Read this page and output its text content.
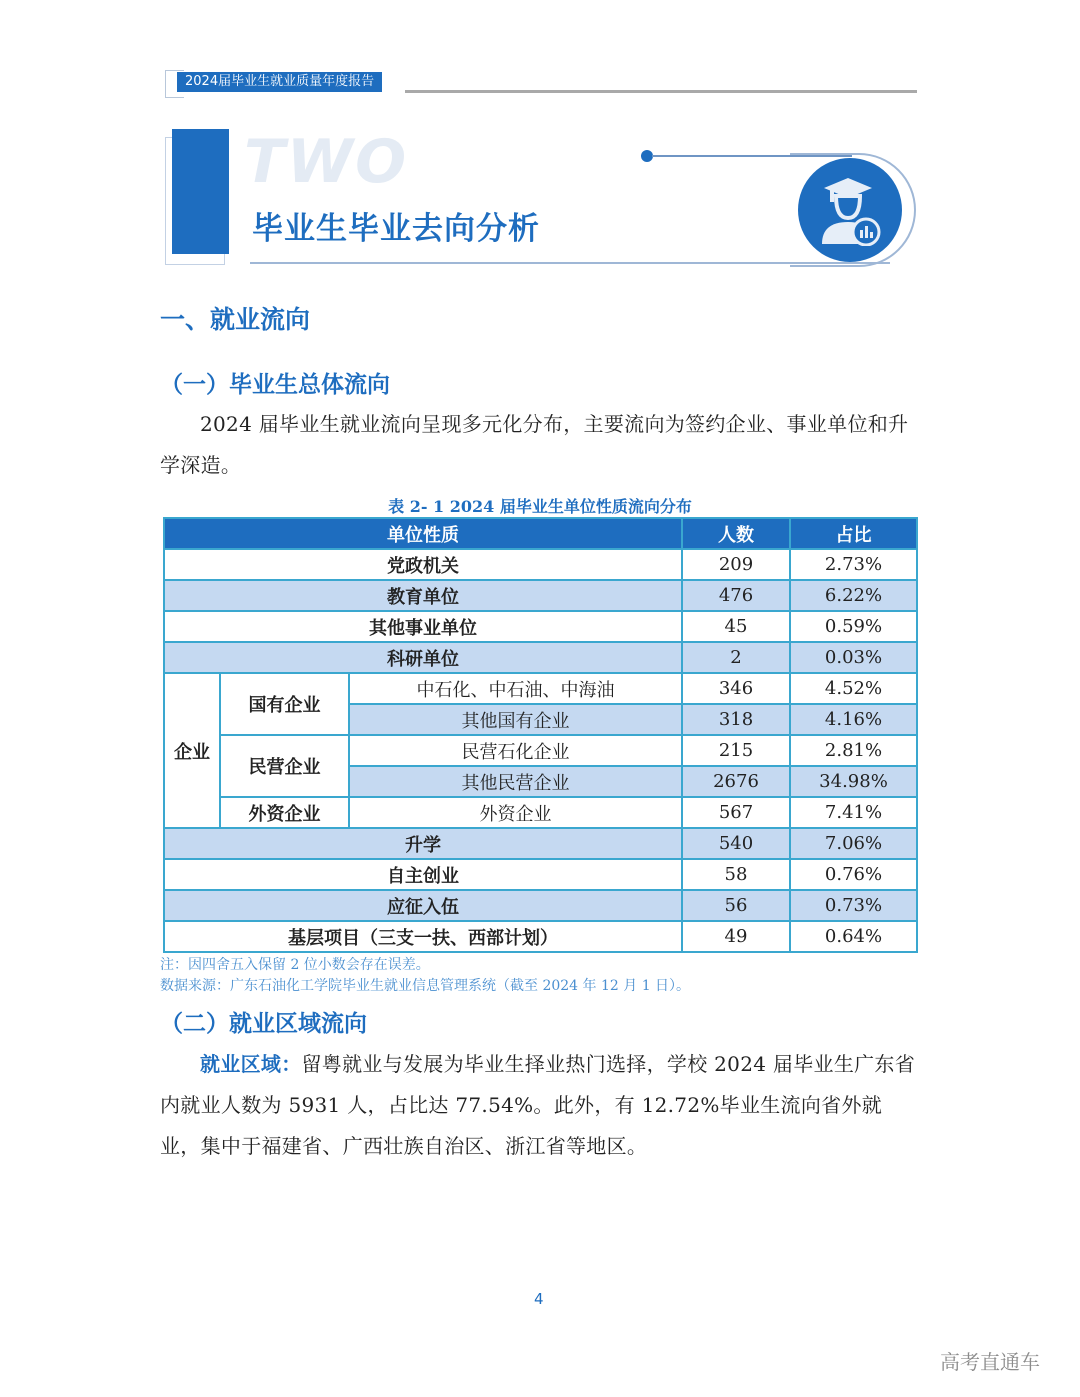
2024届毕业生就业质量年度报告
TWO
毕业生毕业去向分析
一、就业流向
（一）毕业生总体流向
2024 届毕业生就业流向呈现多元化分布，主要流向为签约企业、事业单位和升学深造。
表 2- 1 2024 届毕业生单位性质流向分布
单位性质			人数	占比
党政机关			209	2.73%
教育单位			476	6.22%
其他事业单位			45	0.59%
科研单位			2	0.03%
企业	国有企业	中石化、中石油、中海油	346	4.52%
		其他国有企业	318	4.16%
	民营企业	民营石化企业	215	2.81%
		其他民营企业	2676	34.98%
	外资企业	外资企业	567	7.41%
升学			540	7.06%
自主创业			58	0.76%
应征入伍			56	0.73%
基层项目（三支一扶、西部计划）			49	0.64%
注：因四舍五入保留 2 位小数会存在误差。
数据来源：广东石油化工学院毕业生就业信息管理系统（截至 2024 年 12 月 1 日）。
（二）就业区域流向
就业区域：留粤就业与发展为毕业生择业热门选择，学校 2024 届毕业生广东省内就业人数为 5931 人，占比达 77.54%。此外，有 12.72%毕业生流向省外就业，集中于福建省、广西壮族自治区、浙江省等地区。
4
高考直通车
